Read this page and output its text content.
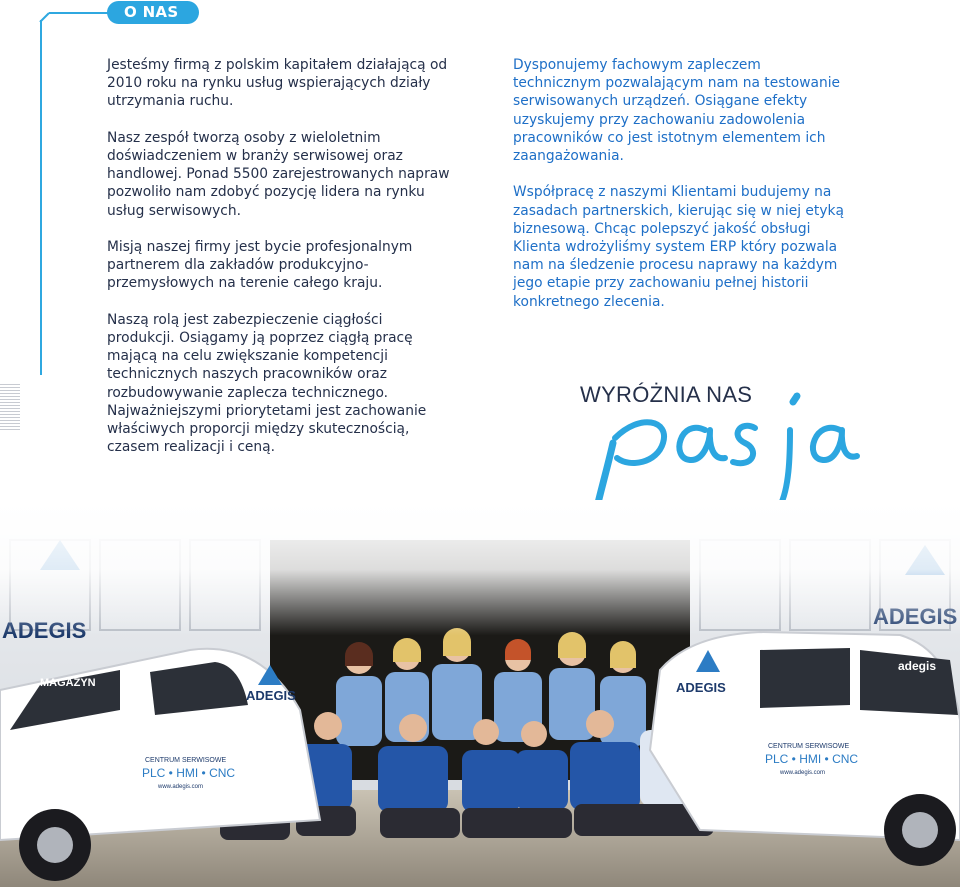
O NAS

Jesteśmy firmą z polskim kapitałem działającą od 2010 roku na rynku usług wspierających działy utrzymania ruchu.

Nasz zespół tworzą osoby z wieloletnim doświadczeniem w branży serwisowej oraz handlowej. Ponad 5500 zarejestrowanych napraw pozwoliło nam zdobyć pozycję lidera na rynku usług serwisowych.

Misją naszej firmy jest bycie profesjonalnym partnerem dla zakładów produkcyjno-przemysłowych na terenie całego kraju.

Naszą rolą jest zabezpieczenie ciągłości produkcji. Osiągamy ją poprzez ciągłą pracę mającą na celu zwiększanie kompetencji technicznych naszych pracowników oraz rozbudowywanie zaplecza technicznego. Najważniejszymi priorytetami jest zachowanie właściwych proporcji między skutecznością, czasem realizacji i ceną.

Dysponujemy fachowym zapleczem technicznym pozwalającym nam na testowanie serwisowanych urządzeń. Osiągane efekty uzyskujemy przy zachowaniu zadowolenia pracowników co jest istotnym elementem ich zaangażowania.

Współpracę z naszymi Klientami budujemy na zasadach partnerskich, kierując się w niej etyką biznesową. Chcąc polepszyć jakość obsługi Klienta wdrożyliśmy system ERP który pozwala nam na śledzenie procesu naprawy na każdym jego etapie przy zachowaniu pełnej historii konkretnego zlecenia.

WYRÓŻNIA NAS
